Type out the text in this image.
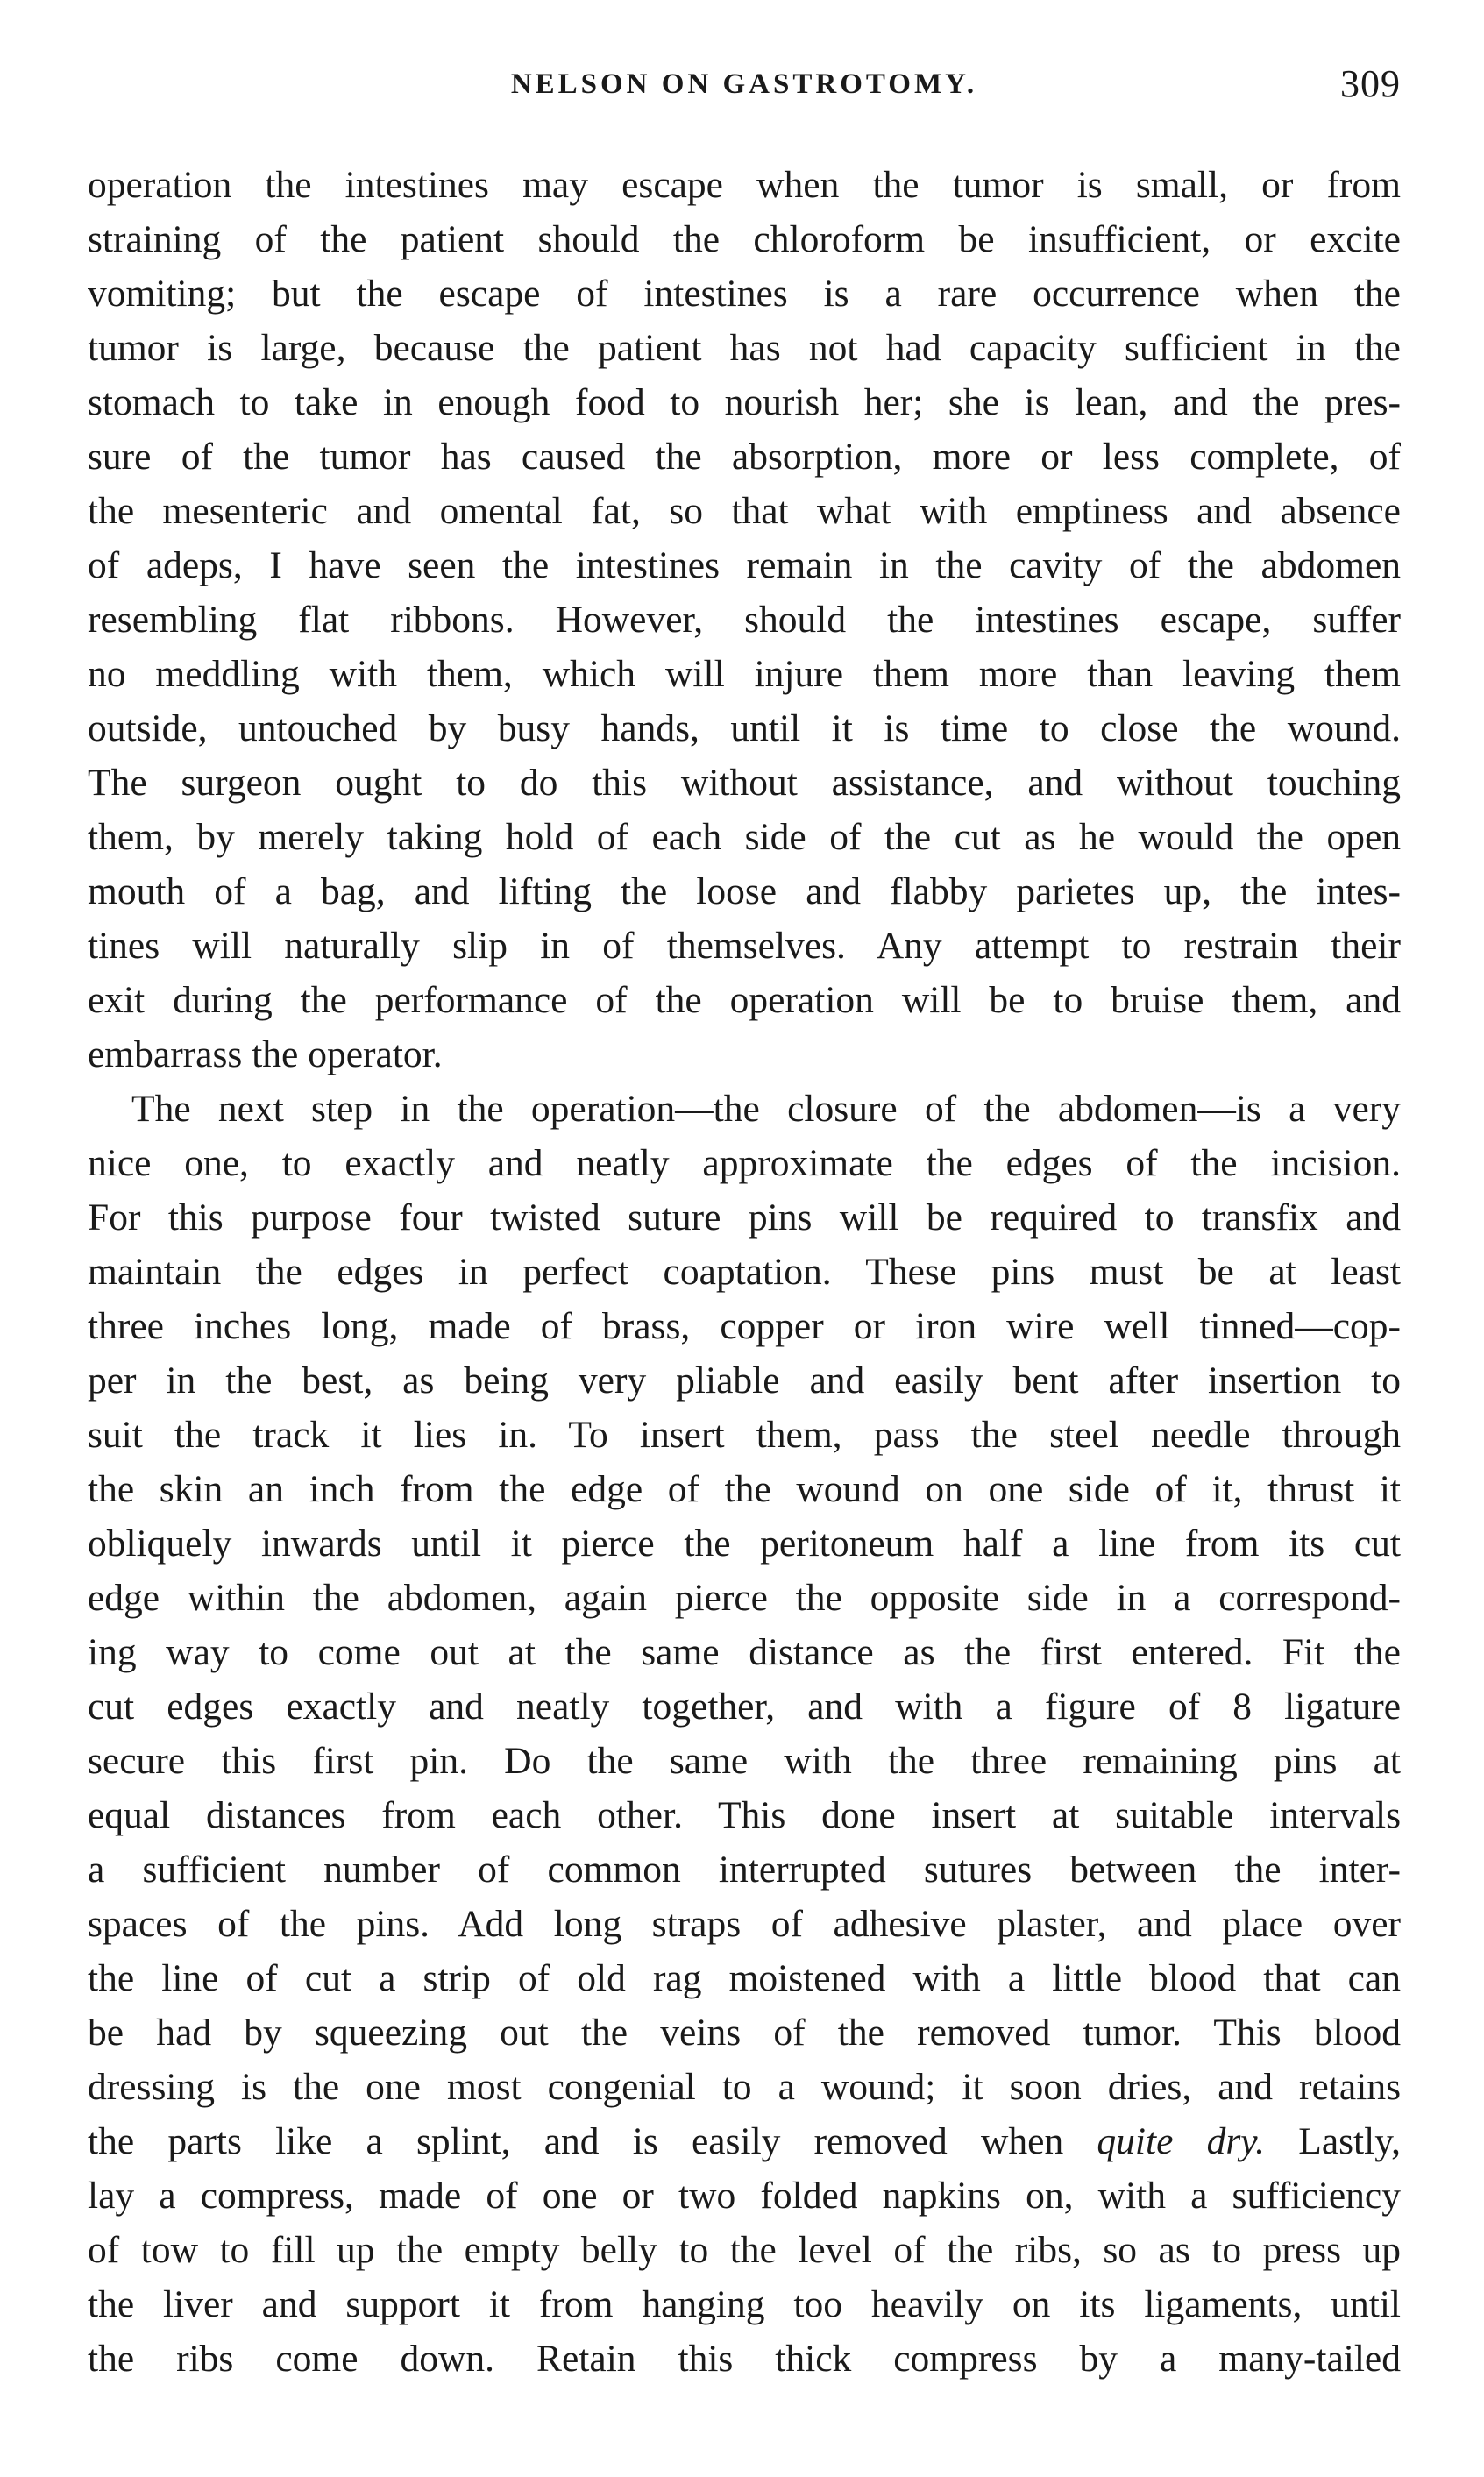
NELSON ON GASTROTOMY.	309
operation the intestines may escape when the tumor is small, or from
straining of the patient should the chloroform be insufficient, or excite
vomiting; but the escape of intestines is a rare occurrence when the
tumor is large, because the patient has not had capacity sufficient in the
stomach to take in enough food to nourish her; she is lean, and the pres-
sure of the tumor has caused the absorption, more or less complete, of
the mesenteric and omental fat, so that what with emptiness and absence
of adeps, I have seen the intestines remain in the cavity of the abdomen
resembling flat ribbons. However, should the intestines escape, suffer
no meddling with them, which will injure them more than leaving them
outside, untouched by busy hands, until it is time to close the wound.
The surgeon ought to do this without assistance, and without touching
them, by merely taking hold of each side of the cut as he would the open
mouth of a bag, and lifting the loose and flabby parietes up, the intes-
tines will naturally slip in of themselves. Any attempt to restrain their
exit during the performance of the operation will be to bruise them, and
embarrass the operator.
The next step in the operation—the closure of the abdomen—is a very
nice one, to exactly and neatly approximate the edges of the incision.
For this purpose four twisted suture pins will be required to transfix and
maintain the edges in perfect coaptation. These pins must be at least
three inches long, made of brass, copper or iron wire well tinned—cop-
per in the best, as being very pliable and easily bent after insertion to
suit the track it lies in. To insert them, pass the steel needle through
the skin an inch from the edge of the wound on one side of it, thrust it
obliquely inwards until it pierce the peritoneum half a line from its cut
edge within the abdomen, again pierce the opposite side in a correspond-
ing way to come out at the same distance as the first entered. Fit the
cut edges exactly and neatly together, and with a figure of 8 ligature
secure this first pin. Do the same with the three remaining pins at
equal distances from each other. This done insert at suitable intervals
a sufficient number of common interrupted sutures between the inter-
spaces of the pins. Add long straps of adhesive plaster, and place over
the line of cut a strip of old rag moistened with a little blood that can
be had by squeezing out the veins of the removed tumor. This blood
dressing is the one most congenial to a wound; it soon dries, and retains
the parts like a splint, and is easily removed when quite dry. Lastly,
lay a compress, made of one or two folded napkins on, with a sufficiency
of tow to fill up the empty belly to the level of the ribs, so as to press up
the liver and support it from hanging too heavily on its ligaments, until
the ribs come down. Retain this thick compress by a many-tailed
